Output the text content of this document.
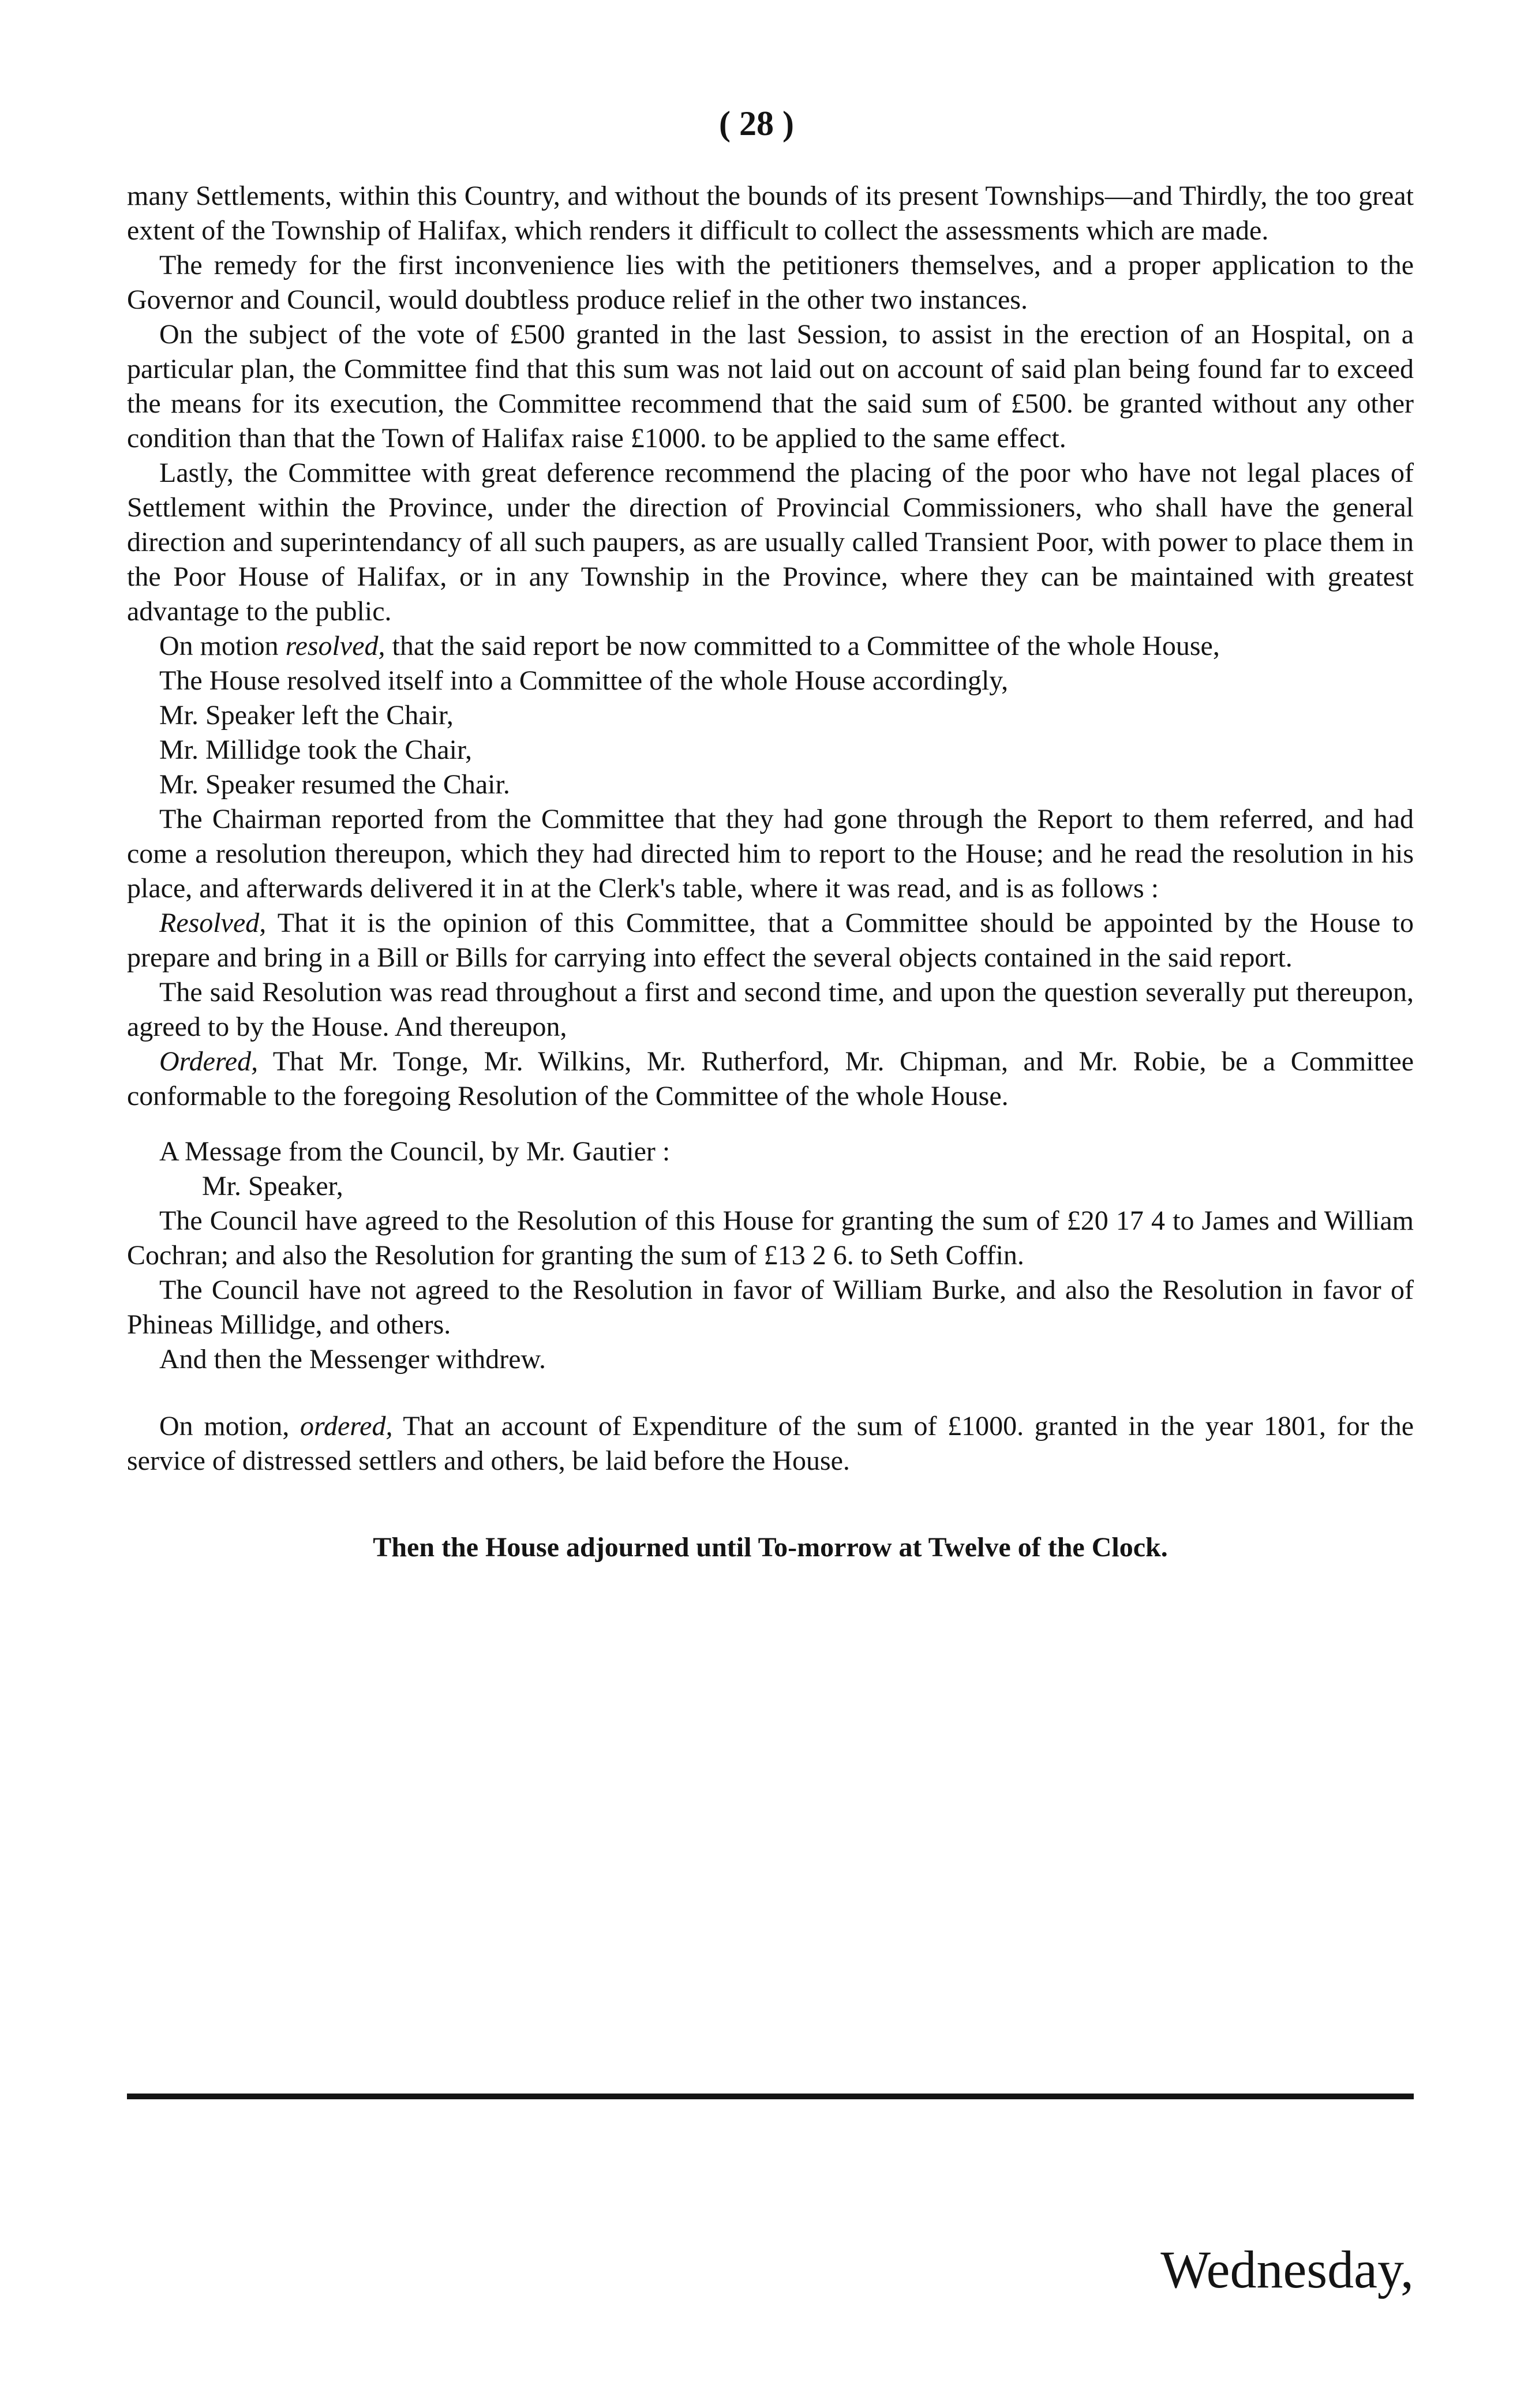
( 28 )

many Settlements, within this Country, and without the bounds of its present Townships—and Thirdly, the too great extent of the Township of Halifax, which renders it difficult to collect the assessments which are made.

The remedy for the first inconvenience lies with the petitioners themselves, and a proper application to the Governor and Council, would doubtless produce relief in the other two instances.

On the subject of the vote of £500 granted in the last Session, to assist in the erection of an Hospital, on a particular plan, the Committee find that this sum was not laid out on account of said plan being found far to exceed the means for its execution, the Committee recommend that the said sum of £500. be granted without any other condition than that the Town of Halifax raise £1000. to be applied to the same effect.

Lastly, the Committee with great deference recommend the placing of the poor who have not legal places of Settlement within the Province, under the direction of Provincial Commissioners, who shall have the general direction and superintendancy of all such paupers, as are usually called Transient Poor, with power to place them in the Poor House of Halifax, or in any Township in the Province, where they can be maintained with greatest advantage to the public.

On motion resolved, that the said report be now committed to a Committee of the whole House,

The House resolved itself into a Committee of the whole House accordingly,

Mr. Speaker left the Chair,

Mr. Millidge took the Chair,

Mr. Speaker resumed the Chair.

The Chairman reported from the Committee that they had gone through the Report to them referred, and had come a resolution thereupon, which they had directed him to report to the House; and he read the resolution in his place, and afterwards delivered it in at the Clerk's table, where it was read, and is as follows :

Resolved, That it is the opinion of this Committee, that a Committee should be appointed by the House to prepare and bring in a Bill or Bills for carrying into effect the several objects contained in the said report.

The said Resolution was read throughout a first and second time, and upon the question severally put thereupon, agreed to by the House. And thereupon,

Ordered, That Mr. Tonge, Mr. Wilkins, Mr. Rutherford, Mr. Chipman, and Mr. Robie, be a Committee conformable to the foregoing Resolution of the Committee of the whole House.

A Message from the Council, by Mr. Gautier :

Mr. Speaker,

The Council have agreed to the Resolution of this House for granting the sum of £20 17 4 to James and William Cochran; and also the Resolution for granting the sum of £13 2 6. to Seth Coffin.

The Council have not agreed to the Resolution in favor of William Burke, and also the Resolution in favor of Phineas Millidge, and others.

And then the Messenger withdrew.

On motion, ordered, That an account of Expenditure of the sum of £1000. granted in the year 1801, for the service of distressed settlers and others, be laid before the House.

Then the House adjourned until To-morrow at Twelve of the Clock.

Wednesday,
